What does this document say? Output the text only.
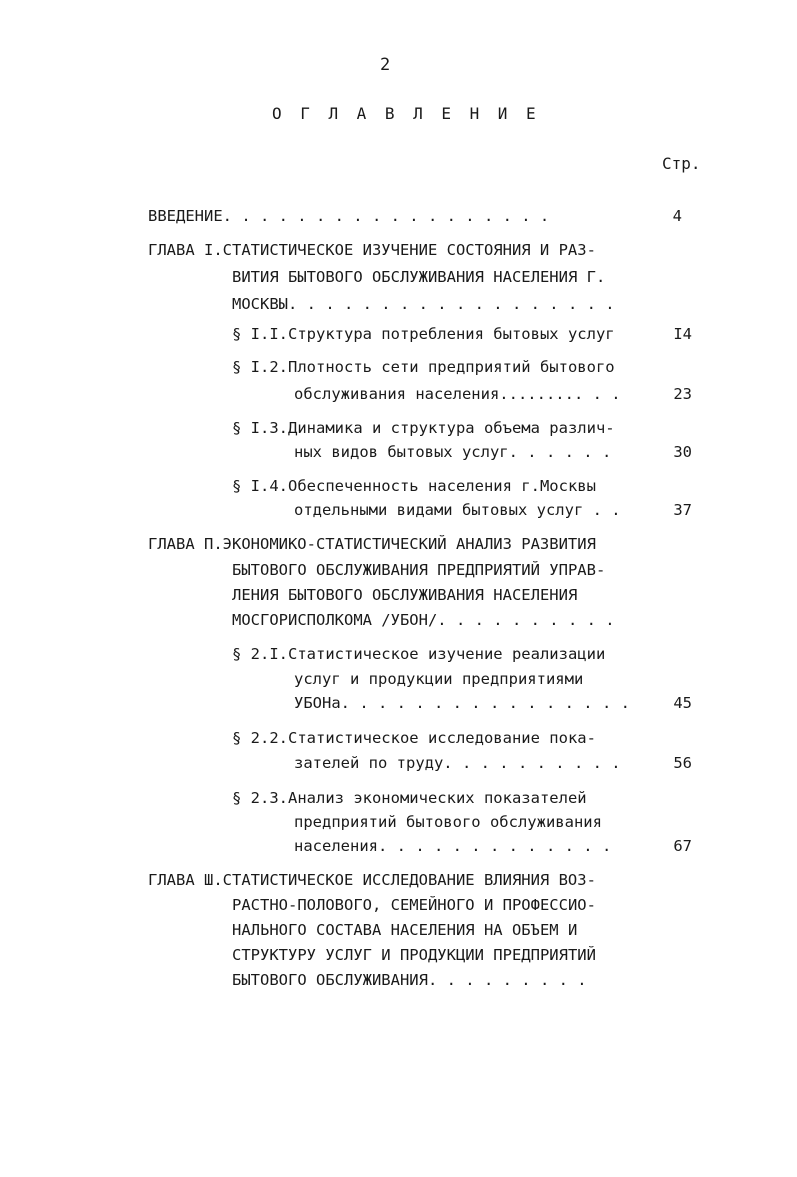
2
О Г Л А В Л Е Н И Е
Стр.
ВВЕДЕНИЕ. . . . . . . . . . . . . . . . . .	4
ГЛАВА I.СТАТИСТИЧЕСКОЕ ИЗУЧЕНИЕ СОСТОЯНИЯ И РАЗ-
ВИТИЯ БЫТОВОГО ОБСЛУЖИВАНИЯ НАСЕЛЕНИЯ Г.
МОСКВЫ. . . . . . . . . . . . . . . . . .
§ I.I.Структура потребления бытовых услуг	I4
§ I.2.Плотность сети предприятий бытового
обслуживания населения......... . .	23
§ I.3.Динамика и структура объема различ-
ных видов бытовых услуг. . . . . .	30
§ I.4.Обеспеченность населения г.Москвы
отдельными видами бытовых услуг . .	37
ГЛАВА П.ЭКОНОМИКО-СТАТИСТИЧЕСКИЙ АНАЛИЗ РАЗВИТИЯ
БЫТОВОГО ОБСЛУЖИВАНИЯ ПРЕДПРИЯТИЙ УПРАВ-
ЛЕНИЯ БЫТОВОГО ОБСЛУЖИВАНИЯ НАСЕЛЕНИЯ
МОСГОРИСПОЛКОМА /УБОН/. . . . . . . . . .
§ 2.I.Статистическое изучение реализации
услуг и продукции предприятиями
УБОНа. . . . . . . . . . . . . . . .	45
§ 2.2.Статистическое исследование пока-
зателей по труду. . . . . . . . . .	56
§ 2.3.Анализ экономических показателей
предприятий бытового обслуживания
населения. . . . . . . . . . . . .	67
ГЛАВА Ш.СТАТИСТИЧЕСКОЕ ИССЛЕДОВАНИЕ ВЛИЯНИЯ ВОЗ-
РАСТНО-ПОЛОВОГО, СЕМЕЙНОГО И ПРОФЕССИО-
НАЛЬНОГО СОСТАВА НАСЕЛЕНИЯ НА ОБЪЕМ И
СТРУКТУРУ УСЛУГ И ПРОДУКЦИИ ПРЕДПРИЯТИЙ
БЫТОВОГО ОБСЛУЖИВАНИЯ. . . . . . . . .
